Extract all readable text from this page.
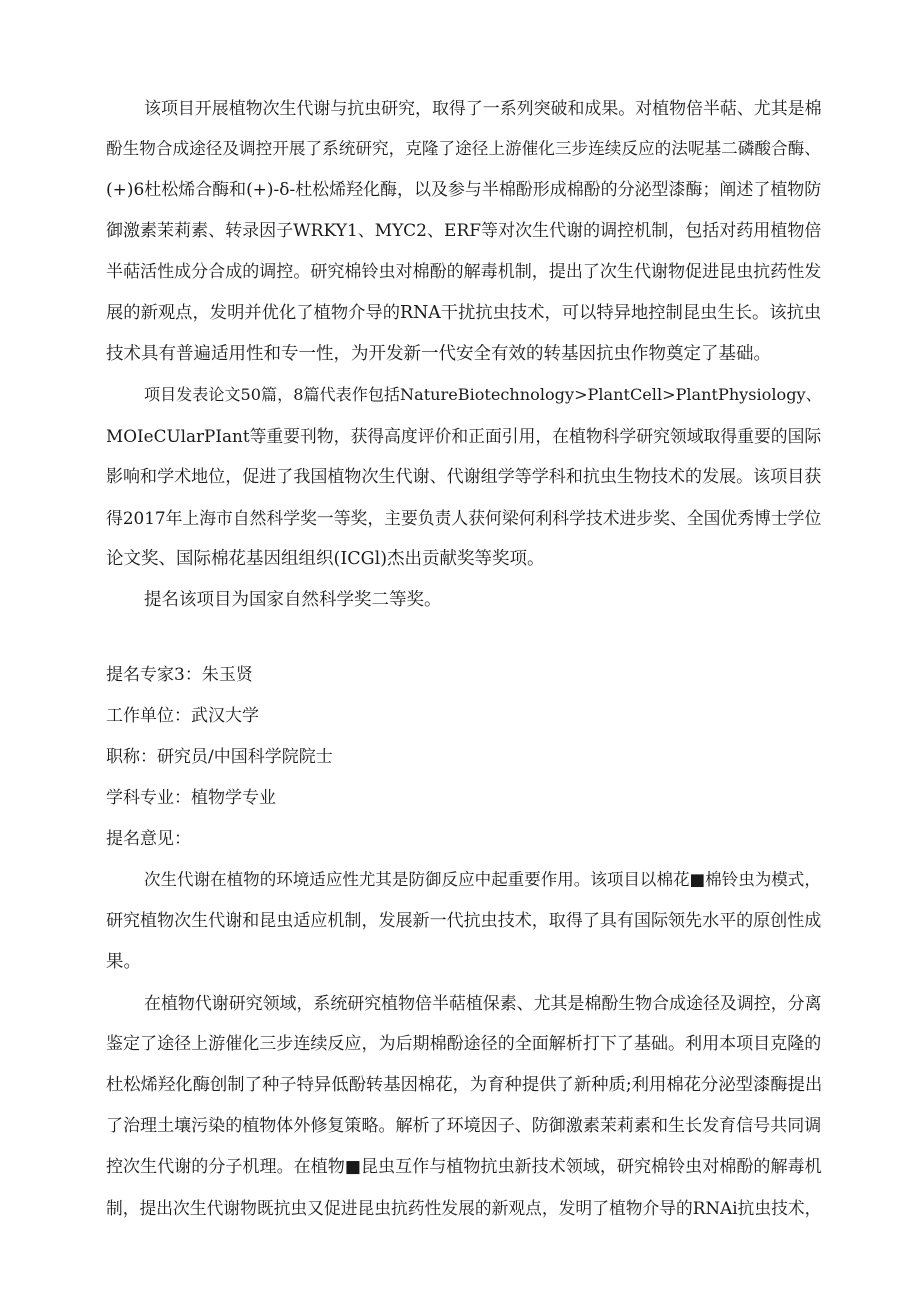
该项目开展植物次生代谢与抗虫研究，取得了一系列突破和成果。对植物倍半萜、尤其是棉
酚生物合成途径及调控开展了系统研究，克隆了途径上游催化三步连续反应的法呢基二磷酸合酶、
(+)6杜松烯合酶和(+)-δ-杜松烯羟化酶，以及参与半棉酚形成棉酚的分泌型漆酶；阐述了植物防
御激素茉莉素、转录因子WRKY1、MYC2、ERF等对次生代谢的调控机制，包括对药用植物倍
半萜活性成分合成的调控。研究棉铃虫对棉酚的解毒机制，提出了次生代谢物促进昆虫抗药性发
展的新观点，发明并优化了植物介导的RNA干扰抗虫技术，可以特异地控制昆虫生长。该抗虫
技术具有普遍适用性和专一性，为开发新一代安全有效的转基因抗虫作物奠定了基础。
项目发表论文50篇，8篇代表作包括NatureBiotechnology>PlantCell>PlantPhysiology、
MOIeCUlarPIant等重要刊物，获得高度评价和正面引用，在植物科学研究领域取得重要的国际
影响和学术地位，促进了我国植物次生代谢、代谢组学等学科和抗虫生物技术的发展。该项目获
得2017年上海市自然科学奖一等奖，主要负责人获何梁何利科学技术进步奖、全国优秀博士学位
论文奖、国际棉花基因组组织(ICGl)杰出贡献奖等奖项。
提名该项目为国家自然科学奖二等奖。
提名专家3：朱玉贤
工作单位：武汉大学
职称：研究员/中国科学院院士
学科专业：植物学专业
提名意见：
次生代谢在植物的环境适应性尤其是防御反应中起重要作用。该项目以棉花■棉铃虫为模式，
研究植物次生代谢和昆虫适应机制，发展新一代抗虫技术，取得了具有国际领先水平的原创性成
果。
在植物代谢研究领域，系统研究植物倍半萜植保素、尤其是棉酚生物合成途径及调控，分离
鉴定了途径上游催化三步连续反应，为后期棉酚途径的全面解析打下了基础。利用本项目克隆的
杜松烯羟化酶创制了种子特异低酚转基因棉花，为育种提供了新种质;利用棉花分泌型漆酶提出
了治理土壤污染的植物体外修复策略。解析了环境因子、防御激素茉莉素和生长发育信号共同调
控次生代谢的分子机理。在植物■昆虫互作与植物抗虫新技术领域，研究棉铃虫对棉酚的解毒机
制，提出次生代谢物既抗虫又促进昆虫抗药性发展的新观点，发明了植物介导的RNAi抗虫技术，
